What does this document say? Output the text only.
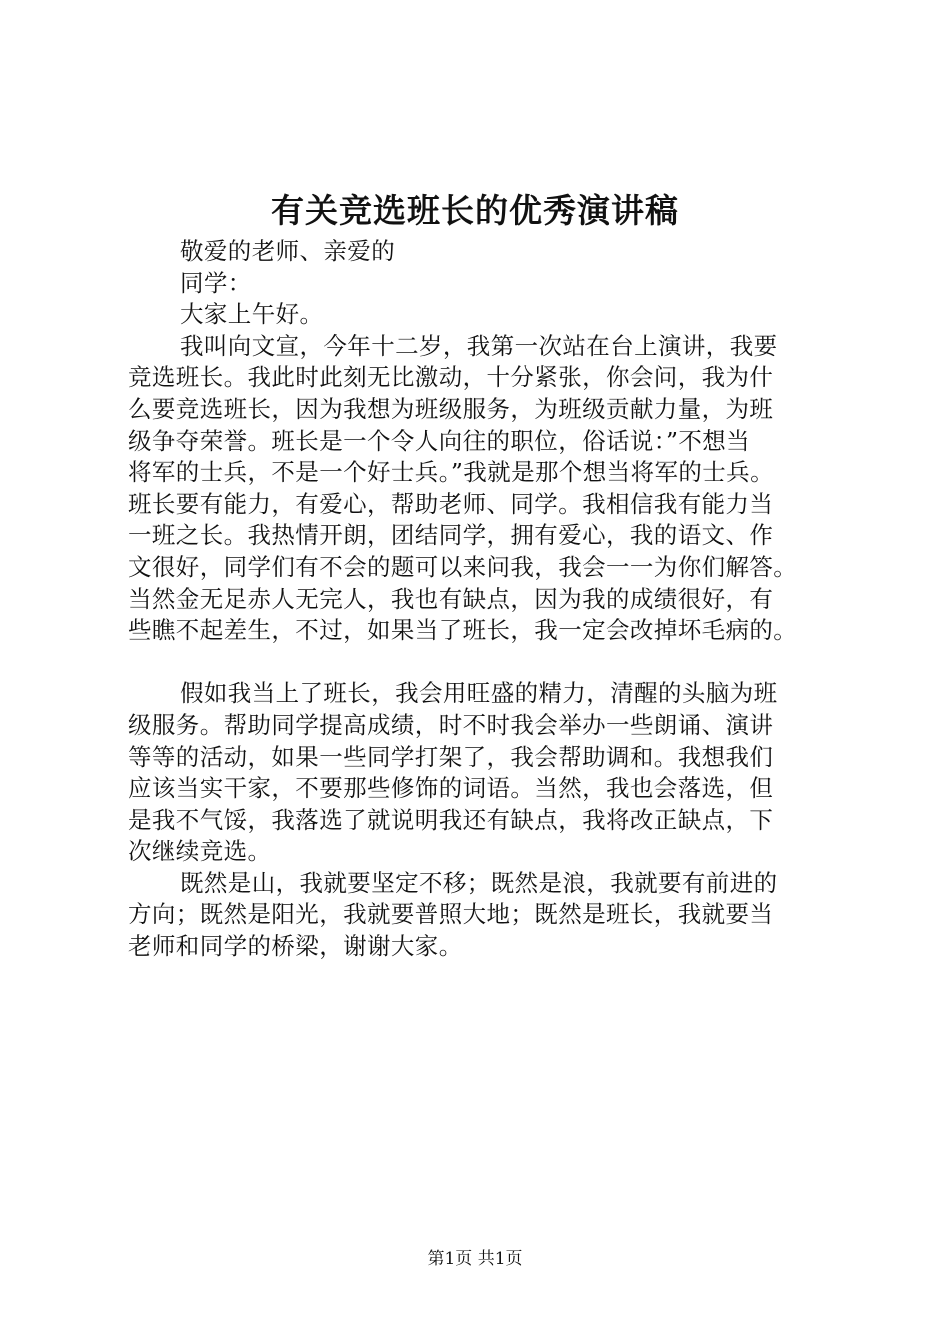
有关竞选班长的优秀演讲稿

敬爱的老师、亲爱的

同学：

大家上午好。

我叫向文宣，今年十二岁，我第一次站在台上演讲，我要

竞选班长。我此时此刻无比激动，十分紧张，你会问，我为什

么要竞选班长，因为我想为班级服务，为班级贡献力量，为班

级争夺荣誉。班长是一个令人向往的职位，俗话说：”不想当

将军的士兵，不是一个好士兵。”我就是那个想当将军的士兵。

班长要有能力，有爱心，帮助老师、同学。我相信我有能力当

一班之长。我热情开朗，团结同学，拥有爱心，我的语文、作

文很好，同学们有不会的题可以来问我，我会一一为你们解答。

当然金无足赤人无完人，我也有缺点，因为我的成绩很好，有

些瞧不起差生，不过，如果当了班长，我一定会改掉坏毛病的。

假如我当上了班长，我会用旺盛的精力，清醒的头脑为班

级服务。帮助同学提高成绩，时不时我会举办一些朗诵、演讲

等等的活动，如果一些同学打架了，我会帮助调和。我想我们

应该当实干家，不要那些修饰的词语。当然，我也会落选，但

是我不气馁，我落选了就说明我还有缺点，我将改正缺点，下

次继续竞选。

既然是山，我就要坚定不移；既然是浪，我就要有前进的

方向；既然是阳光，我就要普照大地；既然是班长，我就要当

老师和同学的桥梁，谢谢大家。

第1页 共1页
